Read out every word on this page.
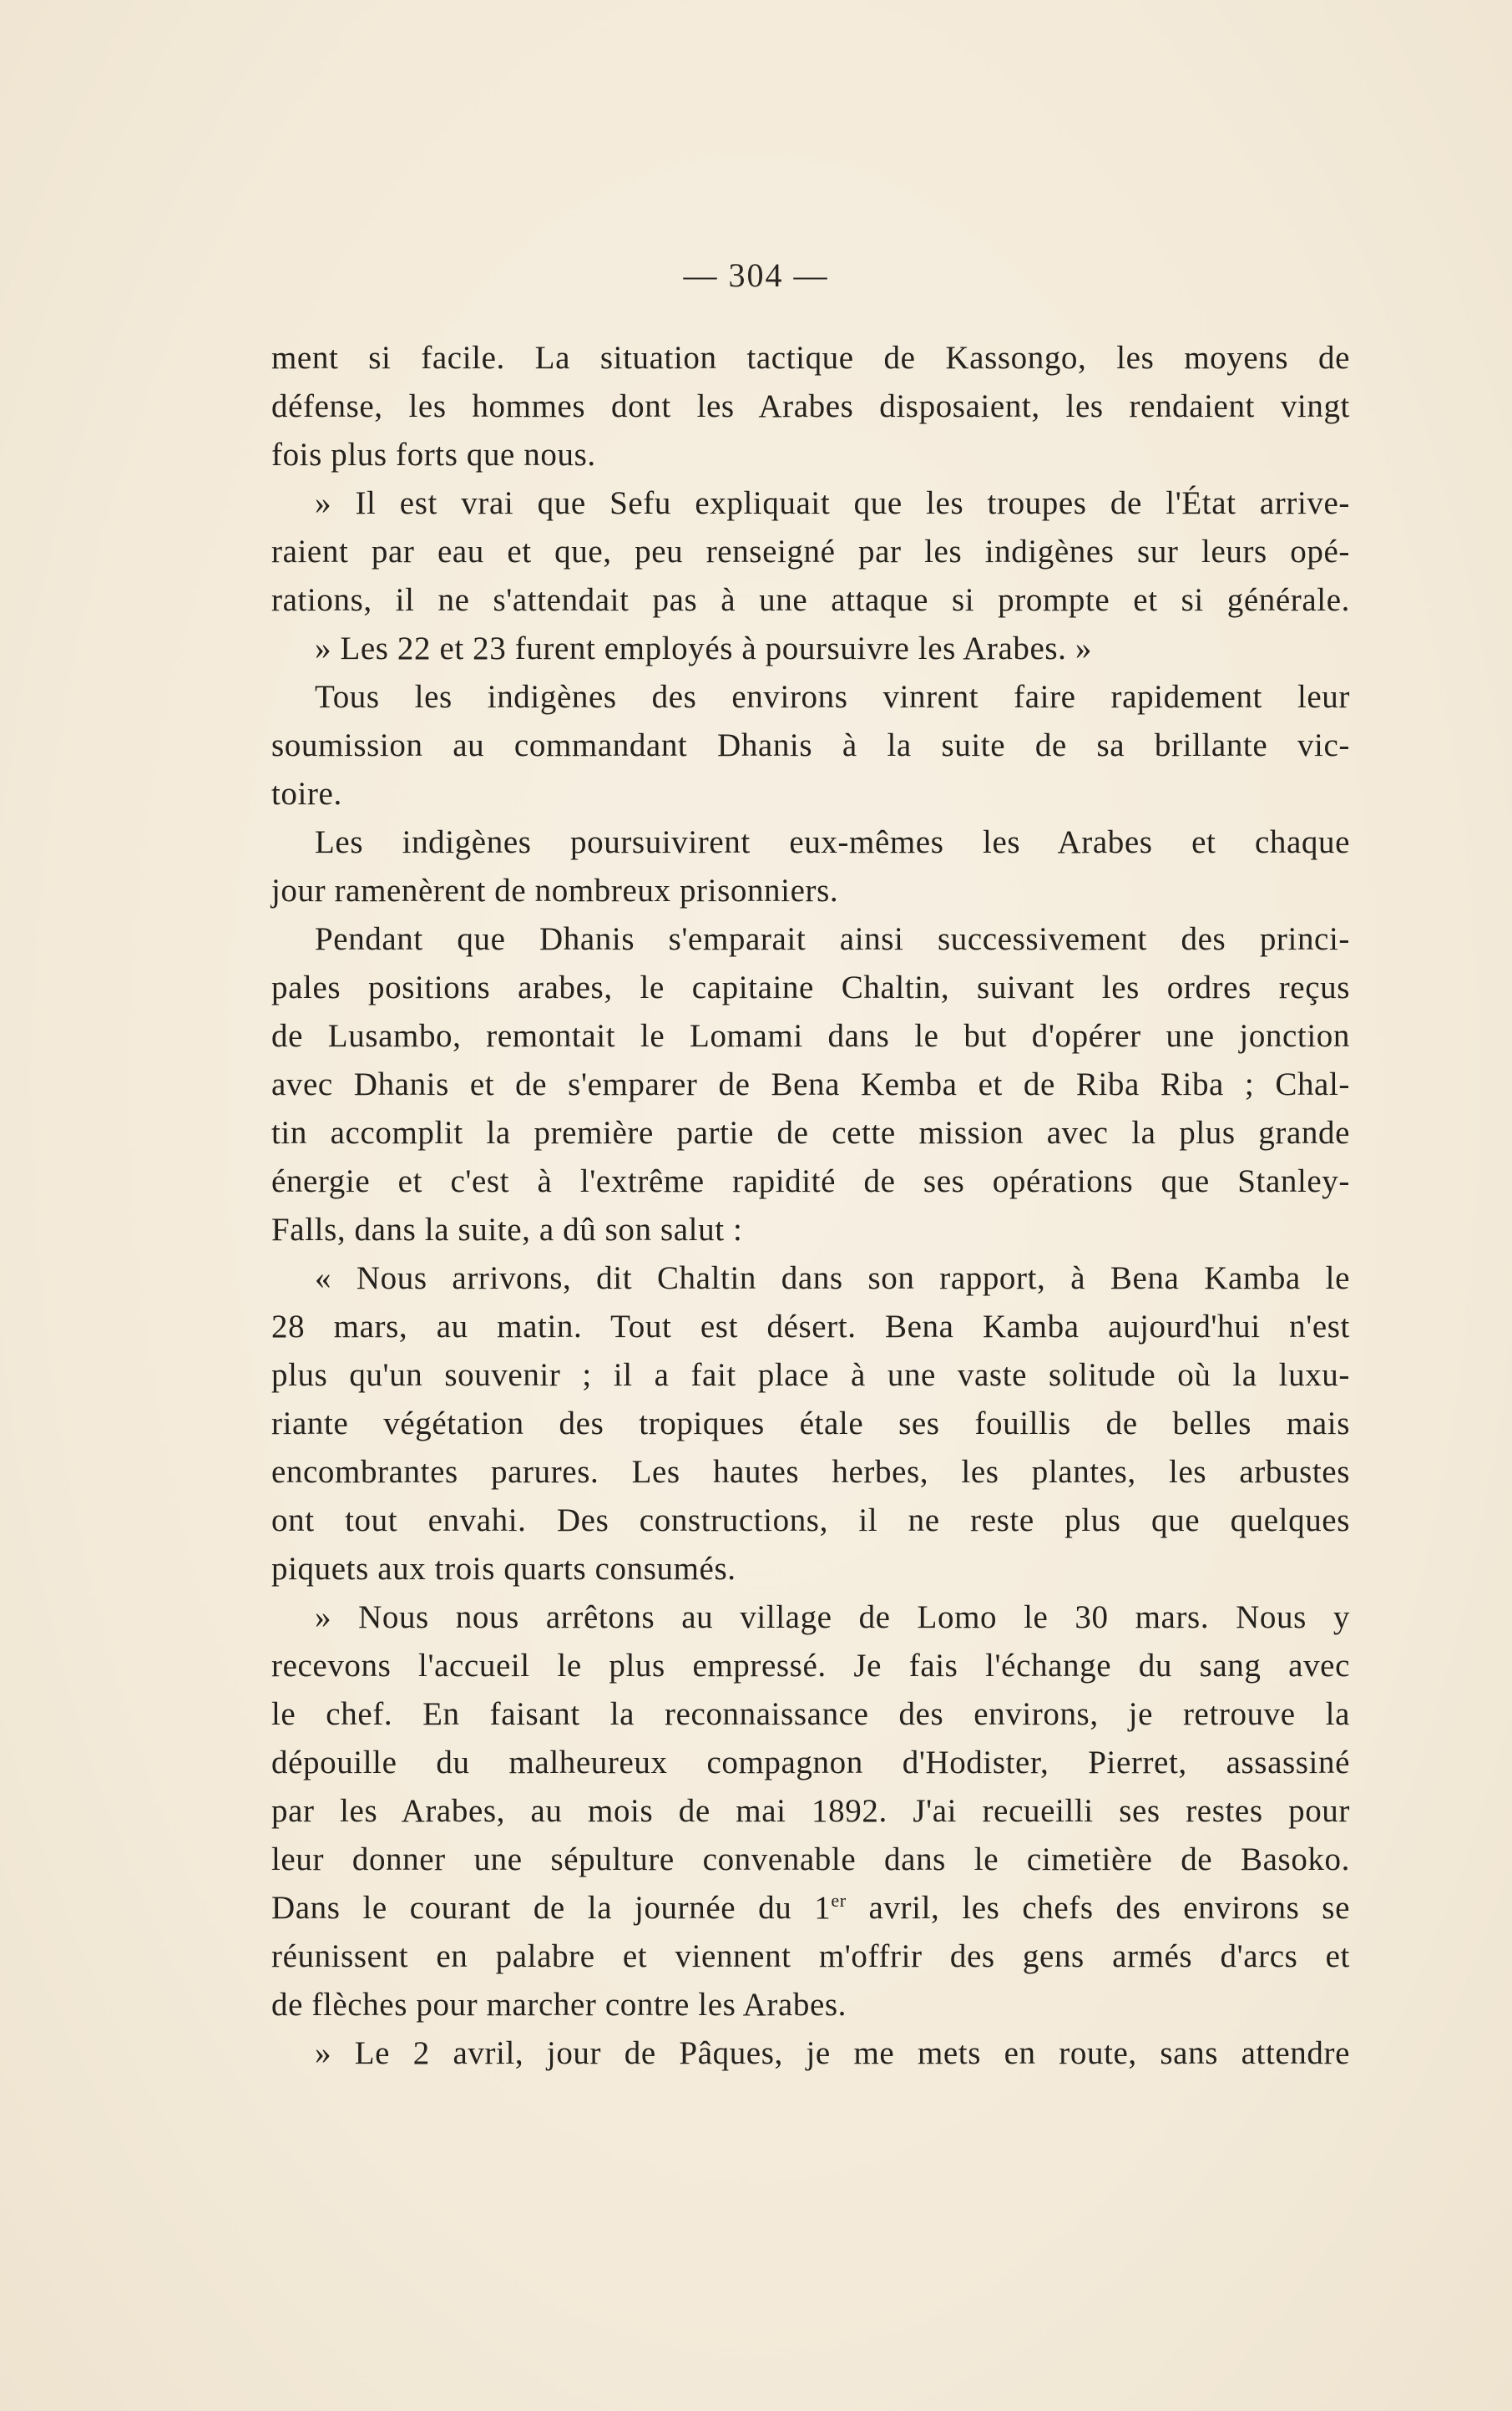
— 304 —
ment si facile. La situation tactique de Kassongo, les moyens de
défense, les hommes dont les Arabes disposaient, les rendaient vingt
fois plus forts que nous.
» Il est vrai que Sefu expliquait que les troupes de l'État arrive-
raient par eau et que, peu renseigné par les indigènes sur leurs opé-
rations, il ne s'attendait pas à une attaque si prompte et si générale.
» Les 22 et 23 furent employés à poursuivre les Arabes. »
Tous les indigènes des environs vinrent faire rapidement leur
soumission au commandant Dhanis à la suite de sa brillante vic-
toire.
Les indigènes poursuivirent eux-mêmes les Arabes et chaque
jour ramenèrent de nombreux prisonniers.
Pendant que Dhanis s'emparait ainsi successivement des princi-
pales positions arabes, le capitaine Chaltin, suivant les ordres reçus
de Lusambo, remontait le Lomami dans le but d'opérer une jonction
avec Dhanis et de s'emparer de Bena Kemba et de Riba Riba ; Chal-
tin accomplit la première partie de cette mission avec la plus grande
énergie et c'est à l'extrême rapidité de ses opérations que Stanley-
Falls, dans la suite, a dû son salut :
« Nous arrivons, dit Chaltin dans son rapport, à Bena Kamba le
28 mars, au matin. Tout est désert. Bena Kamba aujourd'hui n'est
plus qu'un souvenir ; il a fait place à une vaste solitude où la luxu-
riante végétation des tropiques étale ses fouillis de belles mais
encombrantes parures. Les hautes herbes, les plantes, les arbustes
ont tout envahi. Des constructions, il ne reste plus que quelques
piquets aux trois quarts consumés.
» Nous nous arrêtons au village de Lomo le 30 mars. Nous y
recevons l'accueil le plus empressé. Je fais l'échange du sang avec
le chef. En faisant la reconnaissance des environs, je retrouve la
dépouille du malheureux compagnon d'Hodister, Pierret, assassiné
par les Arabes, au mois de mai 1892. J'ai recueilli ses restes pour
leur donner une sépulture convenable dans le cimetière de Basoko.
Dans le courant de la journée du 1er avril, les chefs des environs se
réunissent en palabre et viennent m'offrir des gens armés d'arcs et
de flèches pour marcher contre les Arabes.
» Le 2 avril, jour de Pâques, je me mets en route, sans attendre
